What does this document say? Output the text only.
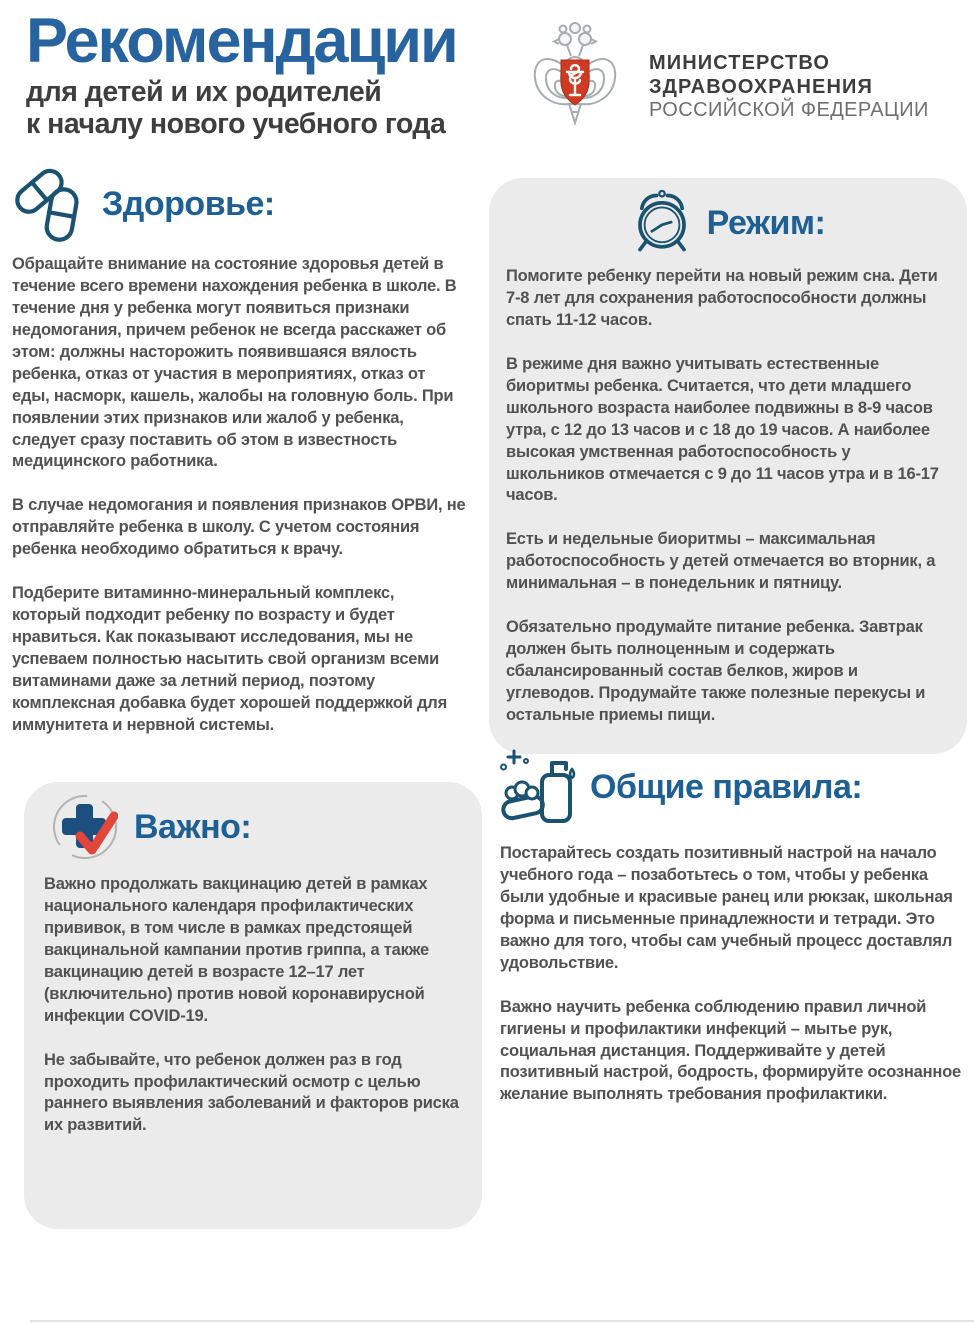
Рекомендации
для детей и их родителей
к началу нового учебного года
МИНИСТЕРСТВО
ЗДРАВООХРАНЕНИЯ
РОССИЙСКОЙ ФЕДЕРАЦИИ
Здоровье:

Обращайте внимание на состояние здоровья детей в течение всего времени нахождения ребенка в школе. В течение дня у ребенка могут появиться признаки недомогания, причем ребенок не всегда расскажет об этом: должны насторожить появившаяся вялость ребенка, отказ от участия в мероприятиях, отказ от еды, насморк, кашель, жалобы на головную боль. При появлении этих признаков или жалоб у ребенка, следует сразу поставить об этом в известность медицинского работника.

В случае недомогания и появления признаков ОРВИ, не отправляйте ребенка в школу. С учетом состояния ребенка необходимо обратиться к врачу.

Подберите витаминно-минеральный комплекс, который подходит ребенку по возрасту и будет нравиться. Как показывают исследования, мы не успеваем полностью насытить свой организм всеми витаминами даже за летний период, поэтому комплексная добавка будет хорошей поддержкой для иммунитета и нервной системы.

Режим:

Помогите ребенку перейти на новый режим сна. Дети 7-8 лет для сохранения работоспособности должны спать 11-12 часов.

В режиме дня важно учитывать естественные биоритмы ребенка. Считается, что дети младшего школьного возраста наиболее подвижны в 8-9 часов утра, с 12 до 13 часов и с 18 до 19 часов. А наиболее высокая умственная работоспособность у школьников отмечается с 9 до 11 часов утра и в 16-17 часов.

Есть и недельные биоритмы – максимальная работоспособность у детей отмечается во вторник, а минимальная – в понедельник и пятницу.

Обязательно продумайте питание ребенка. Завтрак должен быть полноценным и содержать сбалансированный состав белков, жиров и углеводов. Продумайте также полезные перекусы и остальные приемы пищи.

Важно:

Важно продолжать вакцинацию детей в рамках национального календаря профилактических прививок, в том числе в рамках предстоящей вакцинальной кампании против гриппа, а также вакцинацию детей в возрасте 12–17 лет (включительно) против новой коронавирусной инфекции COVID-19.

Не забывайте, что ребенок должен раз в год проходить профилактический осмотр с целью раннего выявления заболеваний и факторов риска их развитий.

Общие правила:

Постарайтесь создать позитивный настрой на начало учебного года – позаботьтесь о том, чтобы у ребенка были удобные и красивые ранец или рюкзак, школьная форма и письменные принадлежности и тетради. Это важно для того, чтобы сам учебный процесс доставлял удовольствие.

Важно научить ребенка соблюдению правил личной гигиены и профилактики инфекций – мытье рук, социальная дистанция. Поддерживайте у детей позитивный настрой, бодрость, формируйте осознанное желание выполнять требования профилактики.
